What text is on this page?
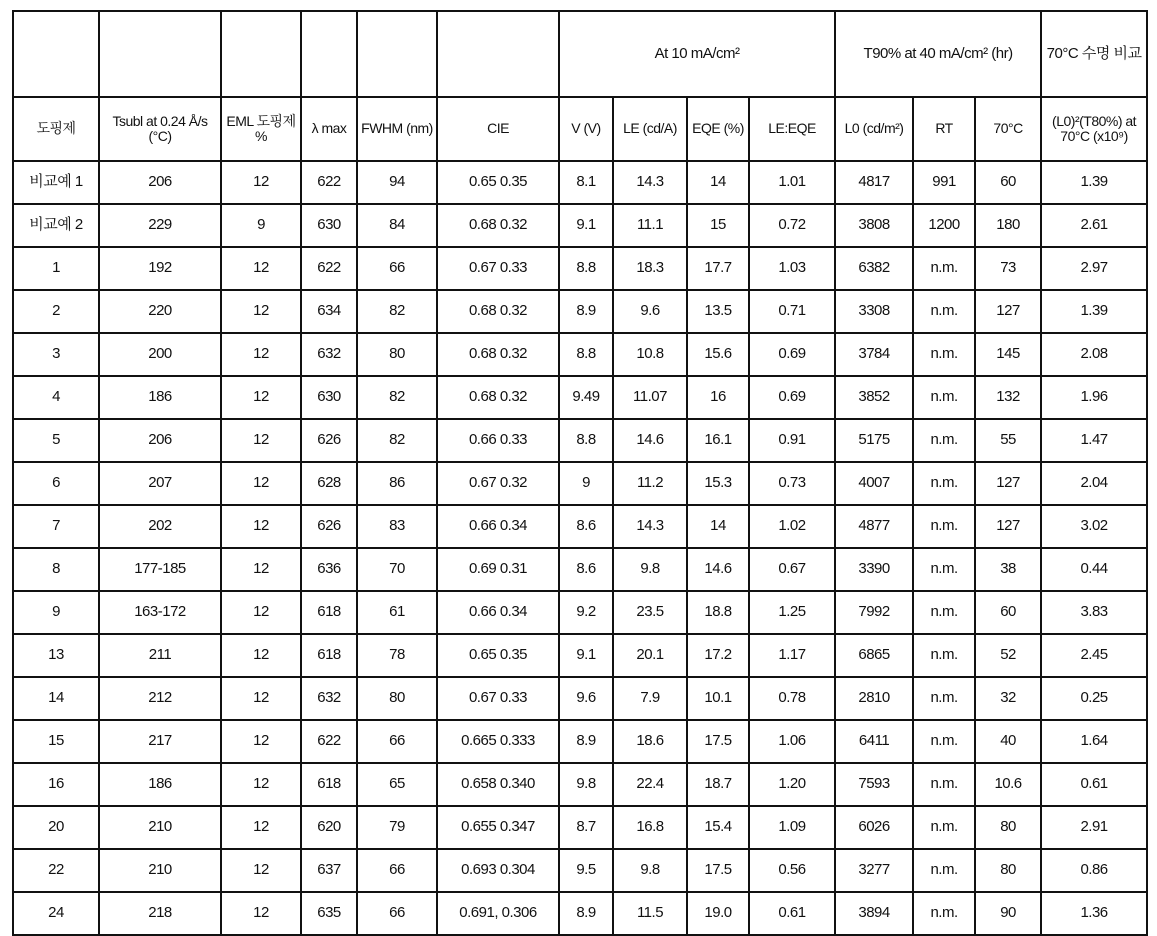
						At 10 mA/cm²				T90% at 40 mA/cm² (hr)			70°C 수명 비교
도핑제	Tsubl at 0.24 Å/s (°C)	EML 도핑제 %	λ max	FWHM (nm)	CIE	V (V)	LE (cd/A)	EQE (%)	LE:EQE	L0 (cd/m²)	RT	70°C	(L0)²(T80%) at 70°C (x10⁹)
비교예 1	206	12	622	94	0.65 0.35	8.1	14.3	14	1.01	4817	991	60	1.39
비교예 2	229	9	630	84	0.68 0.32	9.1	11.1	15	0.72	3808	1200	180	2.61
1	192	12	622	66	0.67 0.33	8.8	18.3	17.7	1.03	6382	n.m.	73	2.97
2	220	12	634	82	0.68 0.32	8.9	9.6	13.5	0.71	3308	n.m.	127	1.39
3	200	12	632	80	0.68 0.32	8.8	10.8	15.6	0.69	3784	n.m.	145	2.08
4	186	12	630	82	0.68 0.32	9.49	11.07	16	0.69	3852	n.m.	132	1.96
5	206	12	626	82	0.66 0.33	8.8	14.6	16.1	0.91	5175	n.m.	55	1.47
6	207	12	628	86	0.67 0.32	9	11.2	15.3	0.73	4007	n.m.	127	2.04
7	202	12	626	83	0.66 0.34	8.6	14.3	14	1.02	4877	n.m.	127	3.02
8	177-185	12	636	70	0.69 0.31	8.6	9.8	14.6	0.67	3390	n.m.	38	0.44
9	163-172	12	618	61	0.66 0.34	9.2	23.5	18.8	1.25	7992	n.m.	60	3.83
13	211	12	618	78	0.65 0.35	9.1	20.1	17.2	1.17	6865	n.m.	52	2.45
14	212	12	632	80	0.67 0.33	9.6	7.9	10.1	0.78	2810	n.m.	32	0.25
15	217	12	622	66	0.665 0.333	8.9	18.6	17.5	1.06	6411	n.m.	40	1.64
16	186	12	618	65	0.658 0.340	9.8	22.4	18.7	1.20	7593	n.m.	10.6	0.61
20	210	12	620	79	0.655 0.347	8.7	16.8	15.4	1.09	6026	n.m.	80	2.91
22	210	12	637	66	0.693 0.304	9.5	9.8	17.5	0.56	3277	n.m.	80	0.86
24	218	12	635	66	0.691, 0.306	8.9	11.5	19.0	0.61	3894	n.m.	90	1.36
